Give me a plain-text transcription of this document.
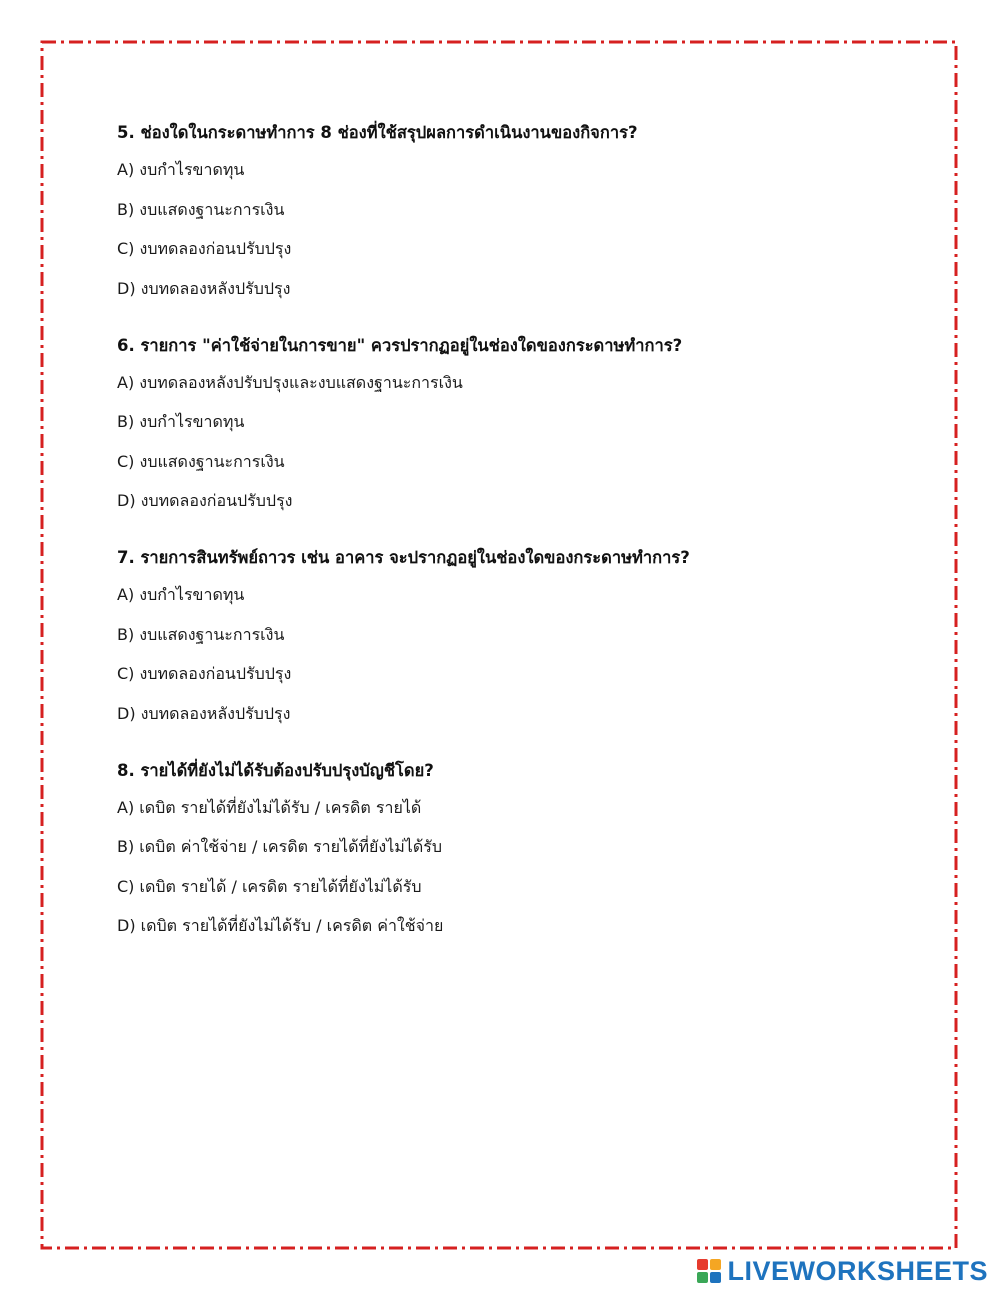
5. ช่องใดในกระดาษทำการ 8 ช่องที่ใช้สรุปผลการดำเนินงานของกิจการ?
A) งบกำไรขาดทุน
B) งบแสดงฐานะการเงิน
C) งบทดลองก่อนปรับปรุง
D) งบทดลองหลังปรับปรุง
6. รายการ "ค่าใช้จ่ายในการขาย" ควรปรากฏอยู่ในช่องใดของกระดาษทำการ?
A) งบทดลองหลังปรับปรุงและงบแสดงฐานะการเงิน
B) งบกำไรขาดทุน
C) งบแสดงฐานะการเงิน
D) งบทดลองก่อนปรับปรุง
7. รายการสินทรัพย์ถาวร เช่น อาคาร จะปรากฏอยู่ในช่องใดของกระดาษทำการ?
A) งบกำไรขาดทุน
B) งบแสดงฐานะการเงิน
C) งบทดลองก่อนปรับปรุง
D) งบทดลองหลังปรับปรุง
8. รายได้ที่ยังไม่ได้รับต้องปรับปรุงบัญชีโดย?
A) เดบิต รายได้ที่ยังไม่ได้รับ / เครดิต รายได้
B) เดบิต ค่าใช้จ่าย / เครดิต รายได้ที่ยังไม่ได้รับ
C) เดบิต รายได้ / เครดิต รายได้ที่ยังไม่ได้รับ
D) เดบิต รายได้ที่ยังไม่ได้รับ / เครดิต ค่าใช้จ่าย
LIVEWORKSHEETS
